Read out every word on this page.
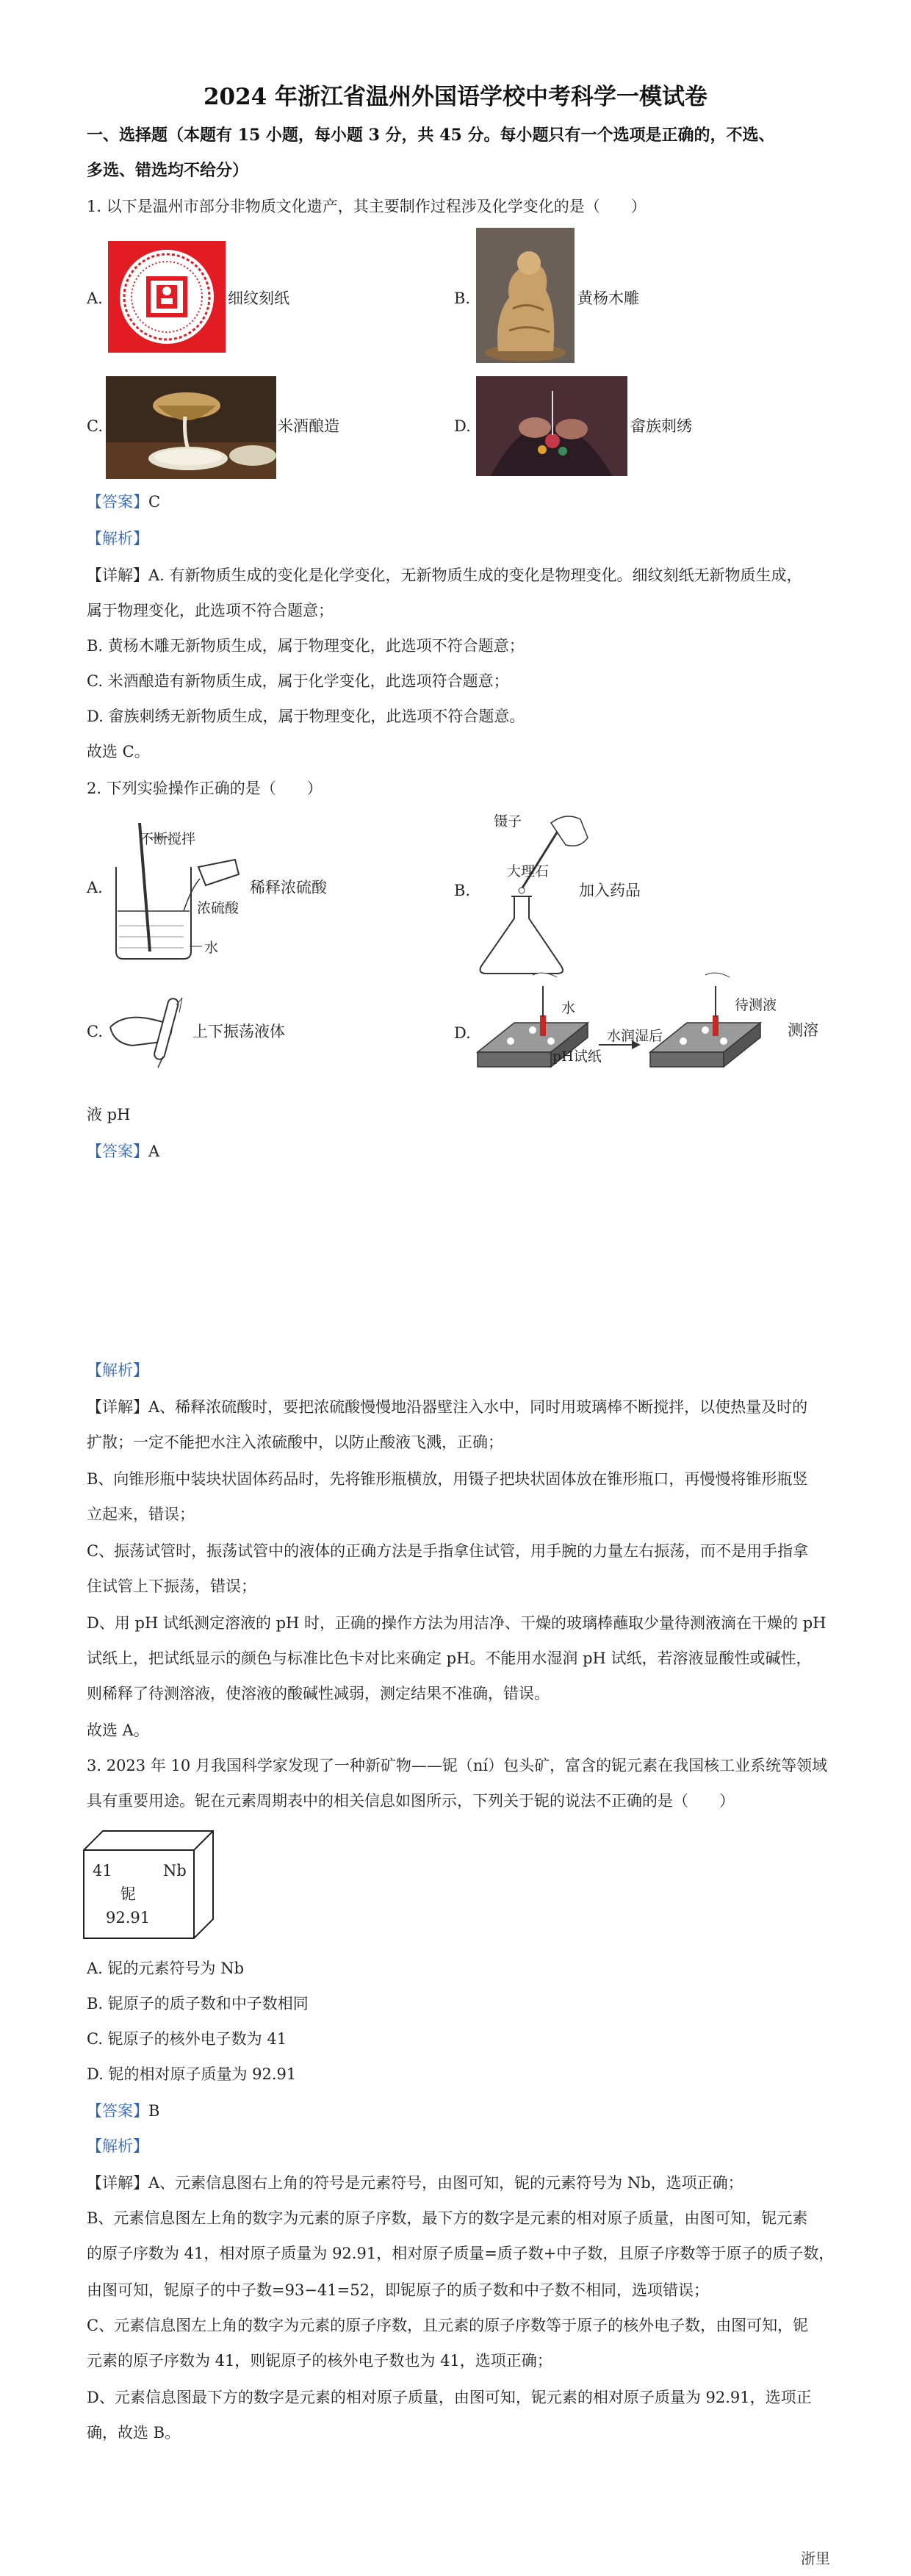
2024 年浙江省温州外国语学校中考科学一模试卷
一、选择题（本题有 15 小题，每小题 3 分，共 45 分。每小题只有一个选项是正确的，不选、
多选、错选均不给分）
1. 以下是温州市部分非物质文化遗产，其主要制作过程涉及化学变化的是（　　）
A.	细纹刻纸	B.
C.	米酒酿造	D.	畲族刺绣
黄杨木雕
【答案】C
【解析】
【详解】A. 有新物质生成的变化是化学变化，无新物质生成的变化是物理变化。细纹刻纸无新物质生成，
属于物理变化，此选项不符合题意；
B. 黄杨木雕无新物质生成，属于物理变化，此选项不符合题意；
C. 米酒酿造有新物质生成，属于化学变化，此选项符合题意；
D. 畲族刺绣无新物质生成，属于物理变化，此选项不符合题意。
故选 C。
2. 下列实验操作正确的是（　　）
A.
不断搅拌
浓硫酸
水
稀释浓硫酸	B.
镊子
大理石
加入药品
C.	上下振荡液体	D.
水
pH试纸
水润湿后
待测液
测溶
液 pH
【答案】A
【解析】
【详解】A、稀释浓硫酸时，要把浓硫酸慢慢地沿器壁注入水中，同时用玻璃棒不断搅拌，以使热量及时的
扩散；一定不能把水注入浓硫酸中，以防止酸液飞溅，正确；
B、向锥形瓶中装块状固体药品时，先将锥形瓶横放，用镊子把块状固体放在锥形瓶口，再慢慢将锥形瓶竖
立起来，错误；
C、振荡试管时，振荡试管中的液体的正确方法是手指拿住试管，用手腕的力量左右振荡，而不是用手指拿
住试管上下振荡，错误；
D、用 pH 试纸测定溶液的 pH 时，正确的操作方法为用洁净、干燥的玻璃棒蘸取少量待测液滴在干燥的 pH
试纸上，把试纸显示的颜色与标准比色卡对比来确定 pH。不能用水湿润 pH 试纸，若溶液显酸性或碱性，
则稀释了待测溶液，使溶液的酸碱性减弱，测定结果不准确，错误。
故选 A。
3. 2023 年 10 月我国科学家发现了一种新矿物——铌（ní）包头矿，富含的铌元素在我国核工业系统等领域
具有重要用途。铌在元素周期表中的相关信息如图所示，下列关于铌的说法不正确的是（　　）
41	Nb
铌
92.91
A. 铌的元素符号为 Nb
B. 铌原子的质子数和中子数相同
C. 铌原子的核外电子数为 41
D. 铌的相对原子质量为 92.91
【答案】B
【解析】
【详解】A、元素信息图右上角的符号是元素符号，由图可知，铌的元素符号为 Nb，选项正确；
B、元素信息图左上角的数字为元素的原子序数，最下方的数字是元素的相对原子质量，由图可知，铌元素
的原子序数为 41，相对原子质量为 92.91，相对原子质量=质子数+中子数，且原子序数等于原子的质子数，
由图可知，铌原子的中子数=93−41=52，即铌原子的质子数和中子数不相同，选项错误；
C、元素信息图左上角的数字为元素的原子序数，且元素的原子序数等于原子的核外电子数，由图可知，铌
元素的原子序数为 41，则铌原子的核外电子数也为 41，选项正确；
D、元素信息图最下方的数字是元素的相对原子质量，由图可知，铌元素的相对原子质量为 92.91，选项正
确，故选 B。
浙里
